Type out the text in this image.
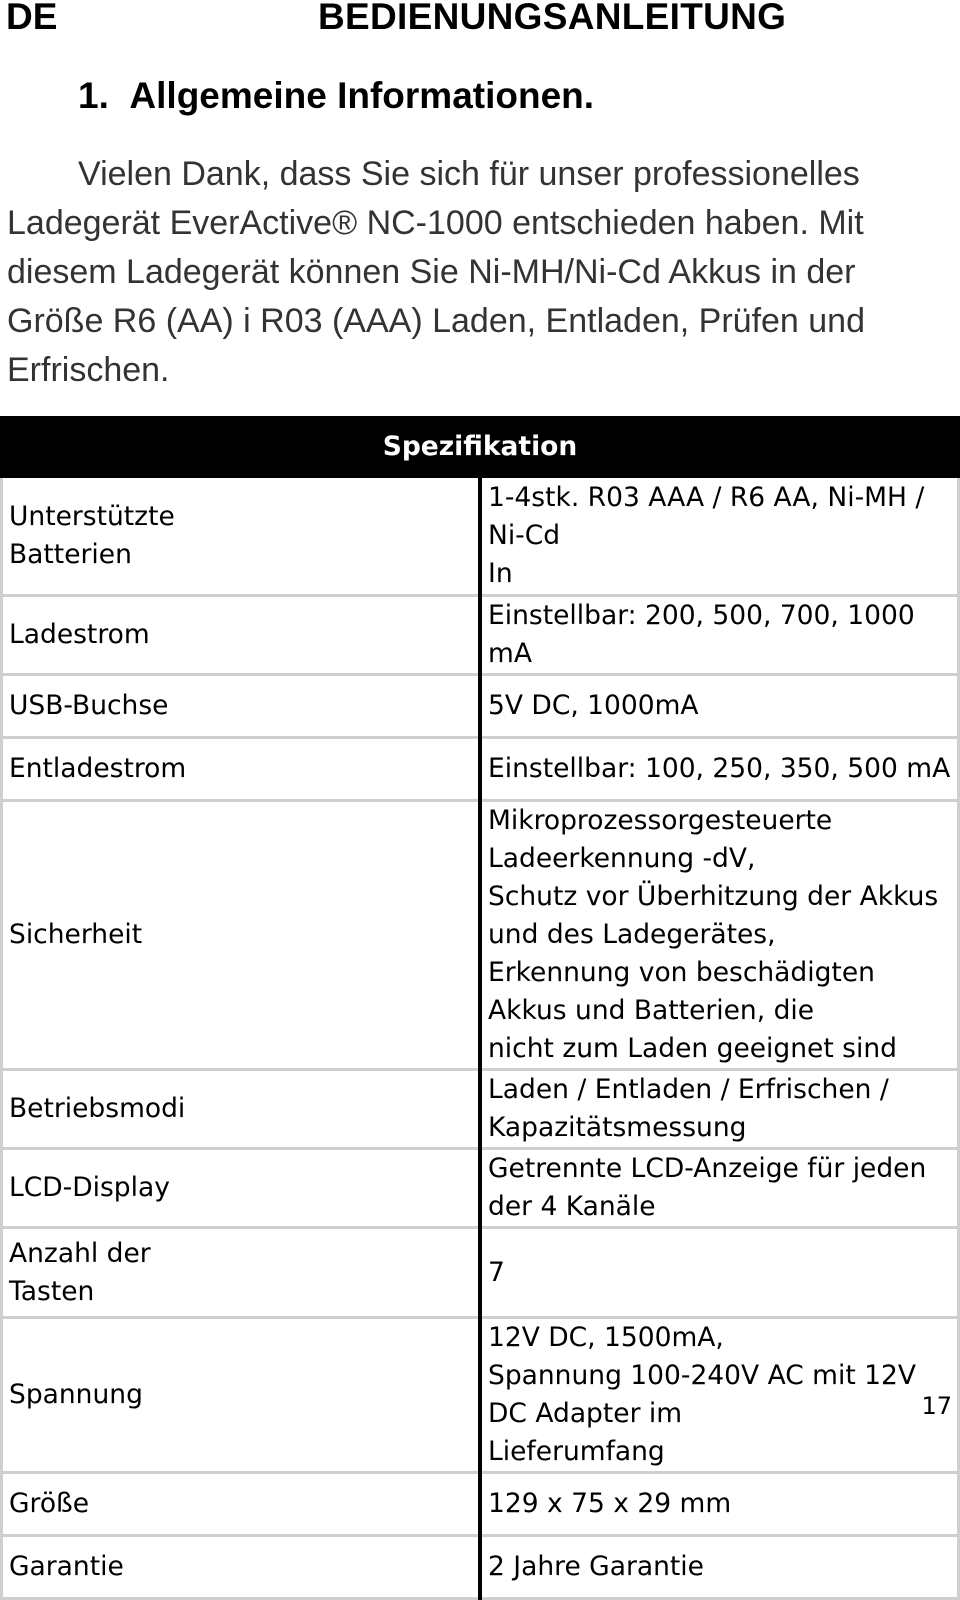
DE	BEDIENUNGSANLEITUNG
1.  Allgemeine Informationen.

Vielen Dank, dass Sie sich für unser professionelles
Ladegerät EverActive® NC-1000 entschieden haben. Mit
diesem Ladegerät können Sie Ni-MH/Ni-Cd Akkus in der
Größe R6 (AA) i R03 (AAA) Laden, Entladen, Prüfen und
Erfrischen.

Spezifikation	
Unterstützte
Batterien	1-4stk. R03 AAA / R6 AA, Ni-MH / Ni-Cd
In
Ladestrom	Einstellbar: 200, 500, 700, 1000 mA
USB-Buchse	5V DC, 1000mA
Entladestrom	Einstellbar: 100, 250, 350, 500 mA
Sicherheit	Mikroprozessorgesteuerte Ladeerkennung -dV,
Schutz vor Überhitzung der Akkus und des Ladegerätes,
Erkennung von beschädigten Akkus und Batterien, die
nicht zum Laden geeignet sind
Betriebsmodi	Laden / Entladen / Erfrischen / Kapazitätsmessung
LCD-Display	Getrennte LCD-Anzeige für jeden der 4 Kanäle
Anzahl der
Tasten	7
Spannung	12V DC, 1500mA,
Spannung 100-240V AC mit 12V DC Adapter im
Lieferumfang
Größe	129 x 75 x 29 mm
Garantie	2 Jahre Garantie

17
